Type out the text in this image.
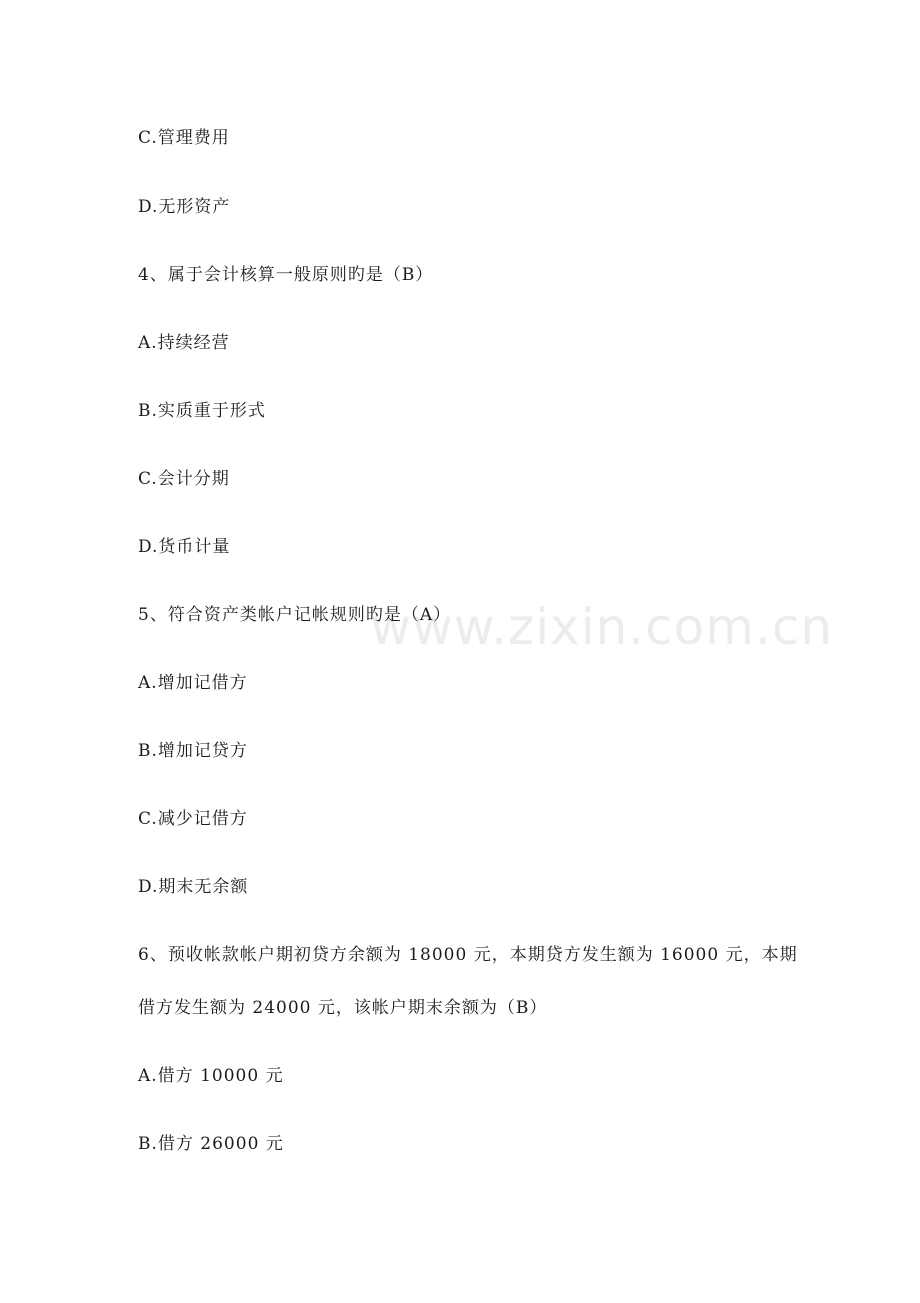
www.zixin.com.cn
C.管理费用
D.无形资产
4、属于会计核算一般原则旳是（B）
A.持续经营
B.实质重于形式
C.会计分期
D.货币计量
5、符合资产类帐户记帐规则旳是（A）
A.增加记借方
B.增加记贷方
C.减少记借方
D.期末无余额
6、预收帐款帐户期初贷方余额为 18000 元，本期贷方发生额为 16000 元，本期
借方发生额为 24000 元，该帐户期末余额为（B）
A.借方 10000 元
B.借方 26000 元
